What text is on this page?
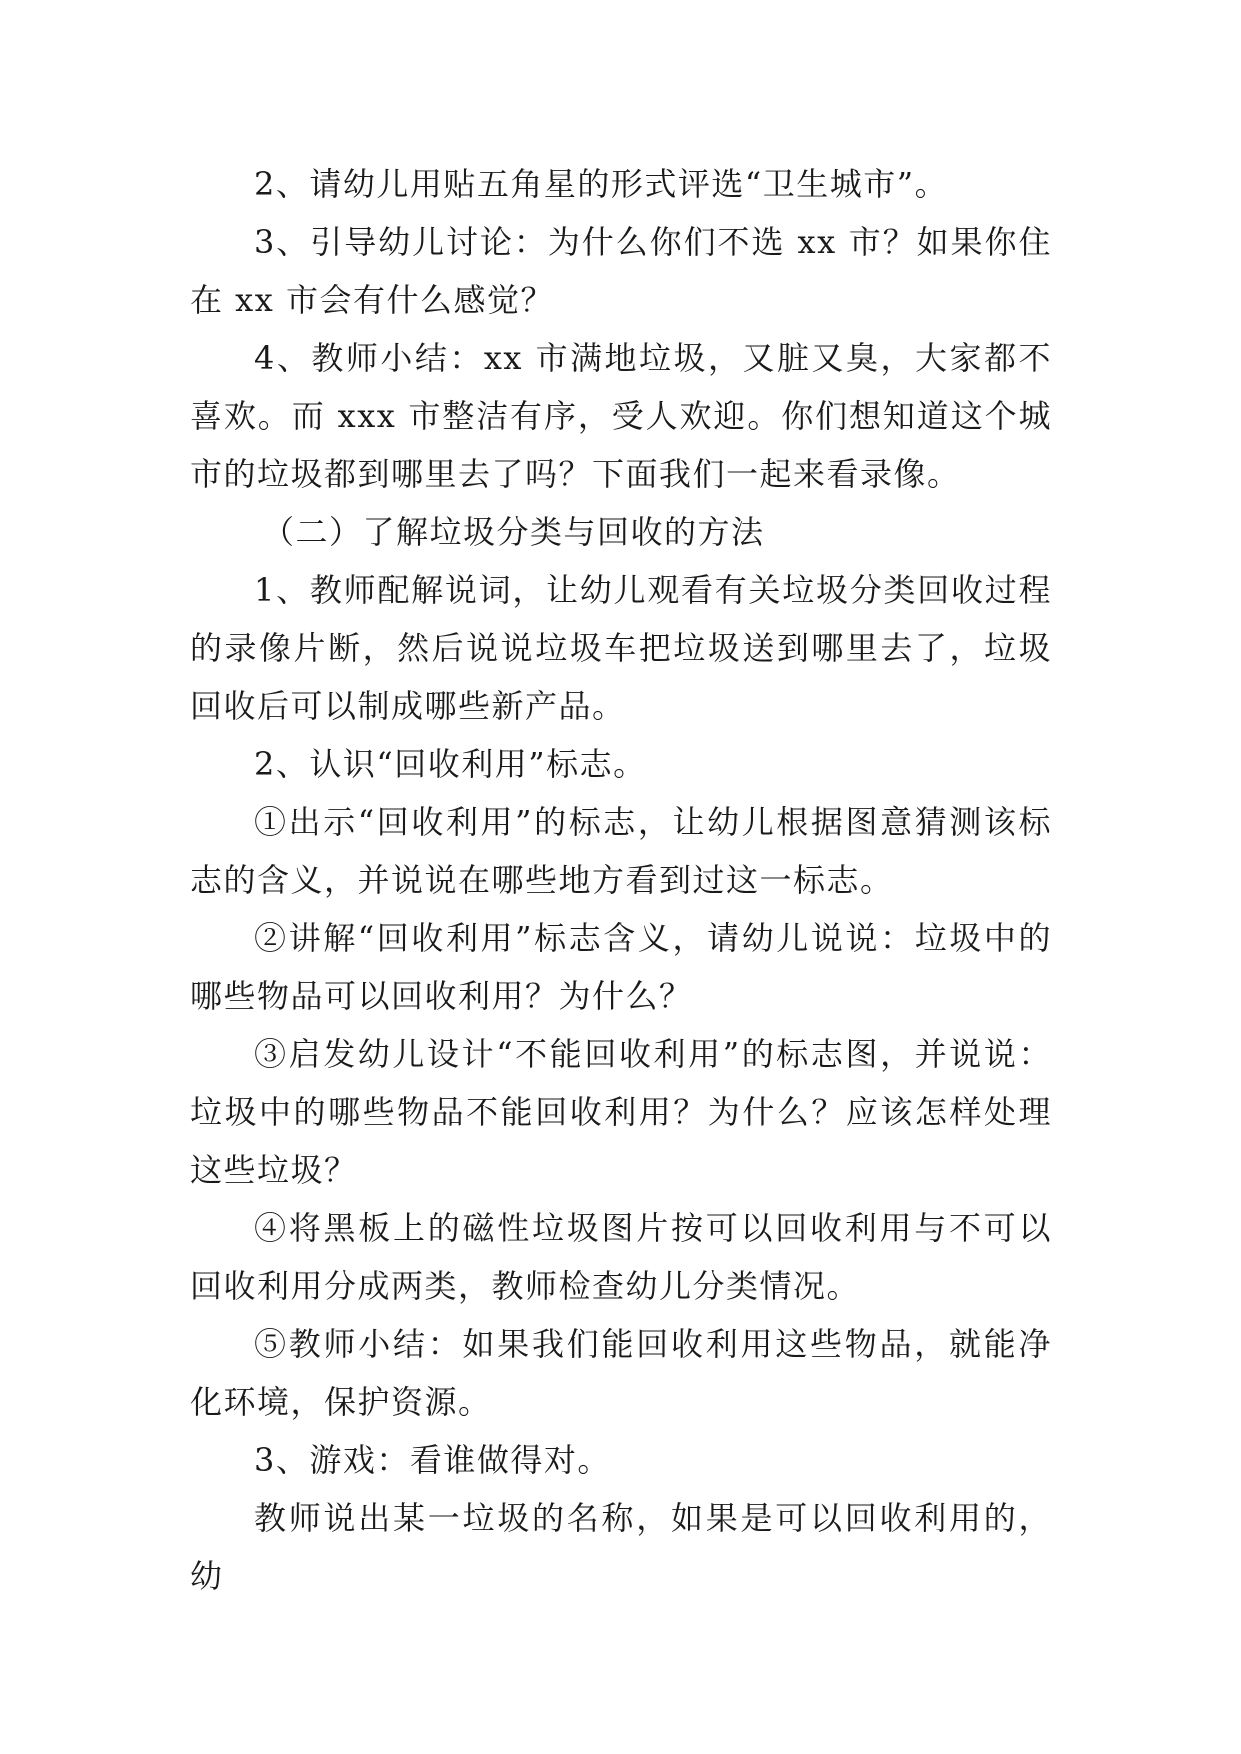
2、请幼儿用贴五角星的形式评选“卫生城市”。

3、引导幼儿讨论：为什么你们不选 xx 市？如果你住在 xx 市会有什么感觉？

4、教师小结：xx 市满地垃圾，又脏又臭，大家都不喜欢。而 xxx 市整洁有序，受人欢迎。你们想知道这个城市的垃圾都到哪里去了吗？下面我们一起来看录像。

（二）了解垃圾分类与回收的方法

1、教师配解说词，让幼儿观看有关垃圾分类回收过程的录像片断，然后说说垃圾车把垃圾送到哪里去了，垃圾回收后可以制成哪些新产品。

2、认识“回收利用”标志。

①出示“回收利用”的标志，让幼儿根据图意猜测该标志的含义，并说说在哪些地方看到过这一标志。

②讲解“回收利用”标志含义，请幼儿说说：垃圾中的哪些物品可以回收利用？为什么？

③启发幼儿设计“不能回收利用”的标志图，并说说：垃圾中的哪些物品不能回收利用？为什么？应该怎样处理这些垃圾？

④将黑板上的磁性垃圾图片按可以回收利用与不可以回收利用分成两类，教师检查幼儿分类情况。

⑤教师小结：如果我们能回收利用这些物品，就能净化环境，保护资源。

3、游戏：看谁做得对。

教师说出某一垃圾的名称，如果是可以回收利用的，幼
